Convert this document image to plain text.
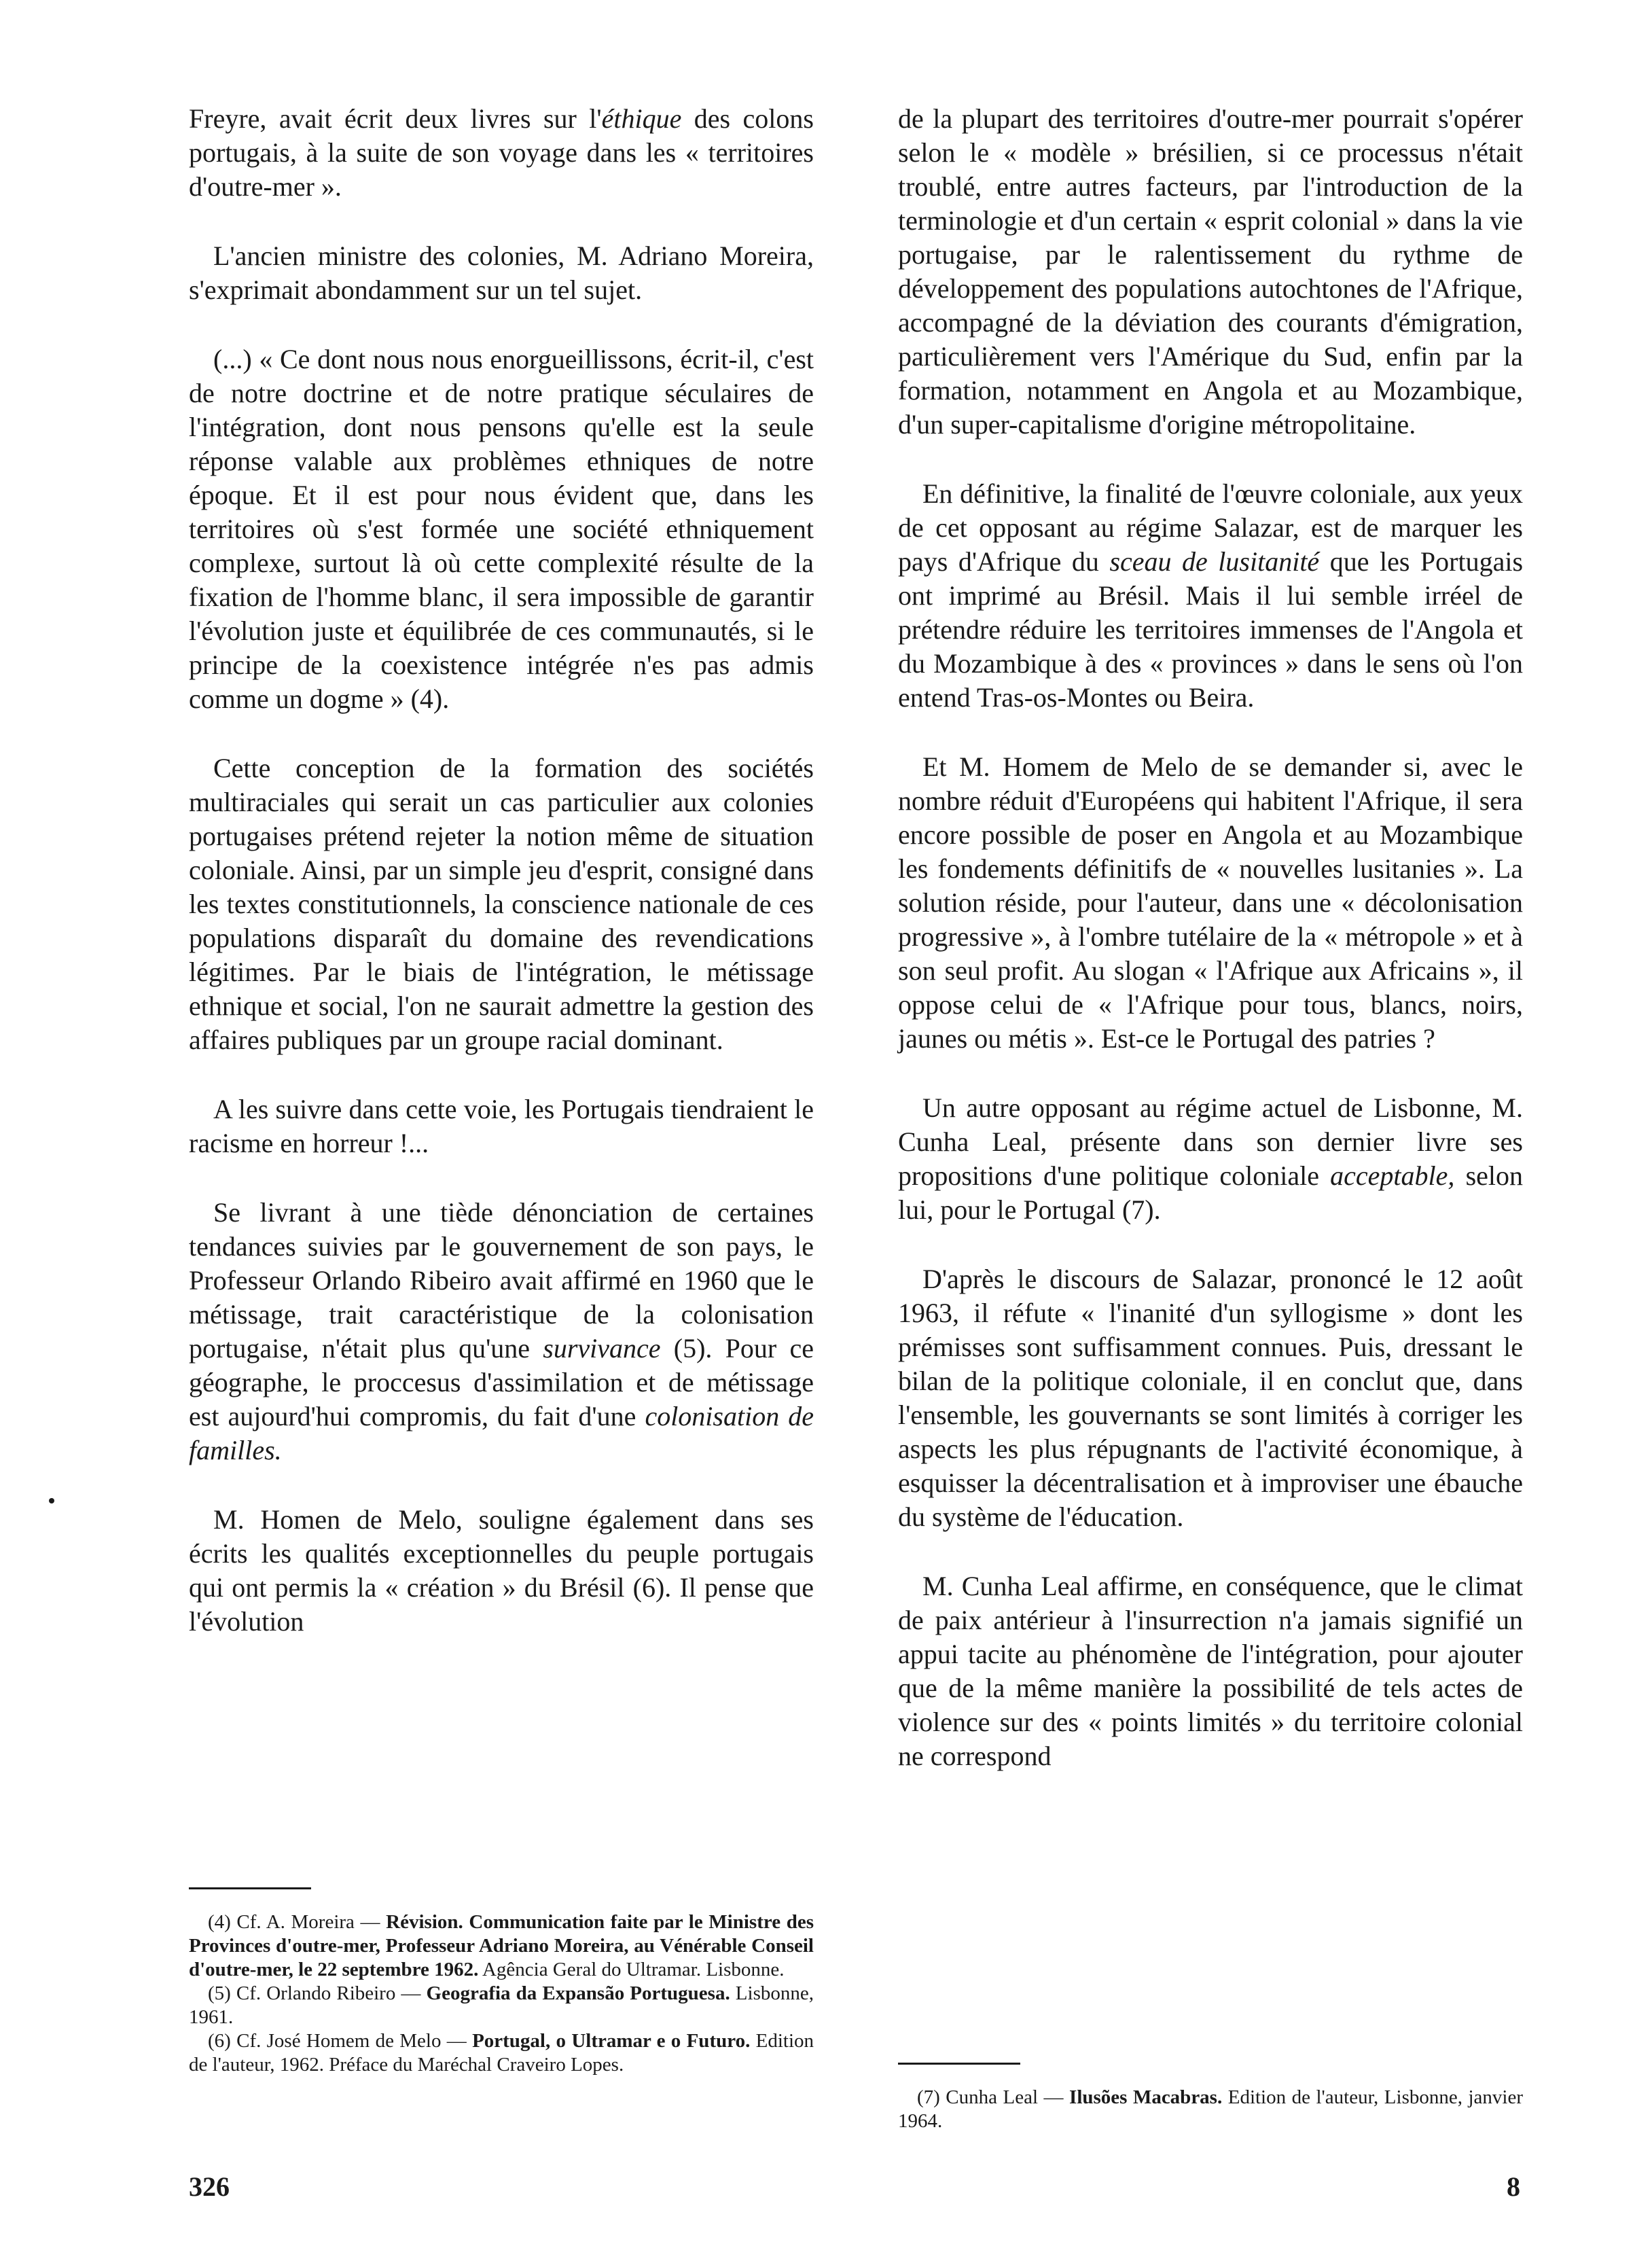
Freyre, avait écrit deux livres sur l'éthique des colons portugais, à la suite de son voyage dans les « territoires d'outre-mer ».

L'ancien ministre des colonies, M. Adriano Moreira, s'exprimait abondamment sur un tel sujet.

(...) « Ce dont nous nous enorgueillissons, écrit-il, c'est de notre doctrine et de notre pratique séculaires de l'intégration, dont nous pensons qu'elle est la seule réponse valable aux problèmes ethniques de notre époque. Et il est pour nous évident que, dans les territoires où s'est formée une société ethniquement complexe, surtout là où cette complexité résulte de la fixation de l'homme blanc, il sera impossible de garantir l'évolution juste et équilibrée de ces communautés, si le principe de la coexistence intégrée n'es pas admis comme un dogme » (4).

Cette conception de la formation des sociétés multiraciales qui serait un cas particulier aux colonies portugaises prétend rejeter la notion même de situation coloniale. Ainsi, par un simple jeu d'esprit, consigné dans les textes constitutionnels, la conscience nationale de ces populations disparaît du domaine des revendications légitimes. Par le biais de l'intégration, le métissage ethnique et social, l'on ne saurait admettre la gestion des affaires publiques par un groupe racial dominant.

A les suivre dans cette voie, les Portugais tiendraient le racisme en horreur !...

Se livrant à une tiède dénonciation de certaines tendances suivies par le gouvernement de son pays, le Professeur Orlando Ribeiro avait affirmé en 1960 que le métissage, trait caractéristique de la colonisation portugaise, n'était plus qu'une survivance (5). Pour ce géographe, le proccesus d'assimilation et de métissage est aujourd'hui compromis, du fait d'une colonisation de familles.

M. Homen de Melo, souligne également dans ses écrits les qualités exceptionnelles du peuple portugais qui ont permis la « création » du Brésil (6). Il pense que l'évolution

(4) Cf. A. Moreira — Révision. Communication faite par le Ministre des Provinces d'outre-mer, Professeur Adriano Moreira, au Vénérable Conseil d'outre-mer, le 22 septembre 1962. Agência Geral do Ultramar. Lisbonne.

(5) Cf. Orlando Ribeiro — Geografia da Expansão Portuguesa. Lisbonne, 1961.

(6) Cf. José Homem de Melo — Portugal, o Ultramar e o Futuro. Edition de l'auteur, 1962. Préface du Maréchal Craveiro Lopes.

de la plupart des territoires d'outre-mer pourrait s'opérer selon le « modèle » brésilien, si ce processus n'était troublé, entre autres facteurs, par l'introduction de la terminologie et d'un certain « esprit colonial » dans la vie portugaise, par le ralentissement du rythme de développement des populations autochtones de l'Afrique, accompagné de la déviation des courants d'émigration, particulièrement vers l'Amérique du Sud, enfin par la formation, notamment en Angola et au Mozambique, d'un super-capitalisme d'origine métropolitaine.

En définitive, la finalité de l'œuvre coloniale, aux yeux de cet opposant au régime Salazar, est de marquer les pays d'Afrique du sceau de lusitanité que les Portugais ont imprimé au Brésil. Mais il lui semble irréel de prétendre réduire les territoires immenses de l'Angola et du Mozambique à des « provinces » dans le sens où l'on entend Tras-os-Montes ou Beira.

Et M. Homem de Melo de se demander si, avec le nombre réduit d'Européens qui habitent l'Afrique, il sera encore possible de poser en Angola et au Mozambique les fondements définitifs de « nouvelles lusitanies ». La solution réside, pour l'auteur, dans une « décolonisation progressive », à l'ombre tutélaire de la « métropole » et à son seul profit. Au slogan « l'Afrique aux Africains », il oppose celui de « l'Afrique pour tous, blancs, noirs, jaunes ou métis ». Est-ce le Portugal des patries ?

Un autre opposant au régime actuel de Lisbonne, M. Cunha Leal, présente dans son dernier livre ses propositions d'une politique coloniale acceptable, selon lui, pour le Portugal (7).

D'après le discours de Salazar, prononcé le 12 août 1963, il réfute « l'inanité d'un syllogisme » dont les prémisses sont suffisamment connues. Puis, dressant le bilan de la politique coloniale, il en conclut que, dans l'ensemble, les gouvernants se sont limités à corriger les aspects les plus répugnants de l'activité économique, à esquisser la décentralisation et à improviser une ébauche du système de l'éducation.

M. Cunha Leal affirme, en conséquence, que le climat de paix antérieur à l'insurrection n'a jamais signifié un appui tacite au phénomène de l'intégration, pour ajouter que de la même manière la possibilité de tels actes de violence sur des « points limités » du territoire colonial ne correspond

(7) Cunha Leal — Ilusões Macabras. Edition de l'auteur, Lisbonne, janvier 1964.

326	8
